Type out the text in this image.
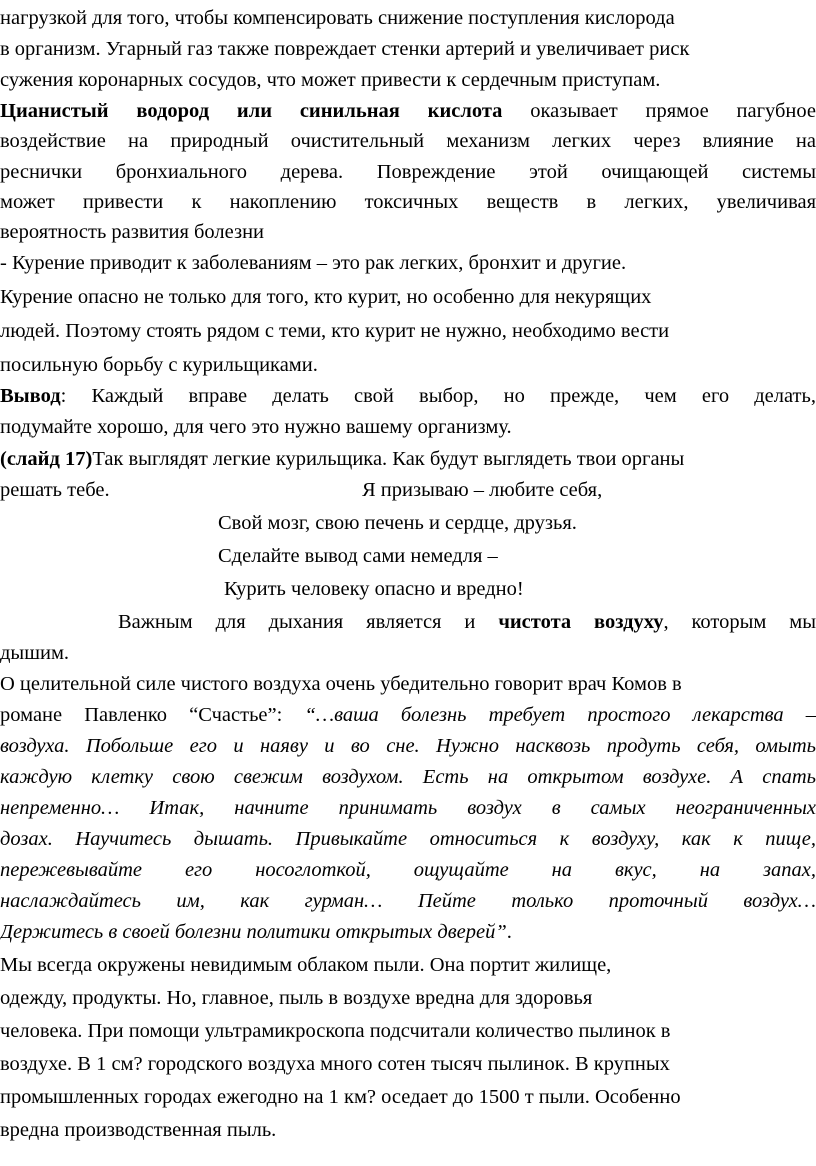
нагрузкой для того, чтобы компенсировать снижение поступления кислорода
в организм. Угарный газ также повреждает стенки артерий и увеличивает риск
сужения коронарных сосудов, что может привести к сердечным приступам.
Цианистый водород или синильная кислота оказывает прямое пагубное
воздействие на природный очистительный механизм легких через влияние на
реснички бронхиального дерева. Повреждение этой очищающей системы
может привести к накоплению токсичных веществ в легких, увеличивая
вероятность развития болезни
- Курение приводит к заболеваниям – это рак легких, бронхит и другие.
Курение опасно не только для того, кто курит, но особенно для некурящих
людей. Поэтому стоять рядом с теми, кто курит не нужно, необходимо вести
посильную борьбу с курильщиками.
Вывод: Каждый вправе делать свой выбор, но прежде, чем его делать,
подумайте хорошо, для чего это нужно вашему организму.
(слайд 17)Так выглядят легкие курильщика. Как будут выглядеть твои органы
решать тебе.	Я призываю – любите себя,
Свой мозг, свою печень и сердце, друзья.
Сделайте вывод сами немедля –
Курить человеку опасно и вредно!
Важным для дыхания является и чистота воздуху, которым мы
дышим.
О целительной силе чистого воздуха очень убедительно говорит врач Комов в
романе Павленко “Счастье”: “…ваша болезнь требует простого лекарства –
воздуха. Побольше его и наяву и во сне. Нужно насквозь продуть себя, омыть
каждую клетку свою свежим воздухом. Есть на открытом воздухе. А спать
непременно… Итак, начните принимать воздух в самых неограниченных
дозах. Научитесь дышать. Привыкайте относиться к воздуху, как к пище,
пережевывайте его носоглоткой, ощущайте на вкус, на запах,
наслаждайтесь им, как гурман… Пейте только проточный воздух…
Держитесь в своей болезни политики открытых дверей”.
Мы всегда окружены невидимым облаком пыли. Она портит жилище,
одежду, продукты. Но, главное, пыль в воздухе вредна для здоровья
человека. При помощи ультрамикроскопа подсчитали количество пылинок в
воздухе. В 1 см? городского воздуха много сотен тысяч пылинок. В крупных
промышленных городах ежегодно на 1 км? оседает до 1500 т пыли. Особенно
вредна производственная пыль.
